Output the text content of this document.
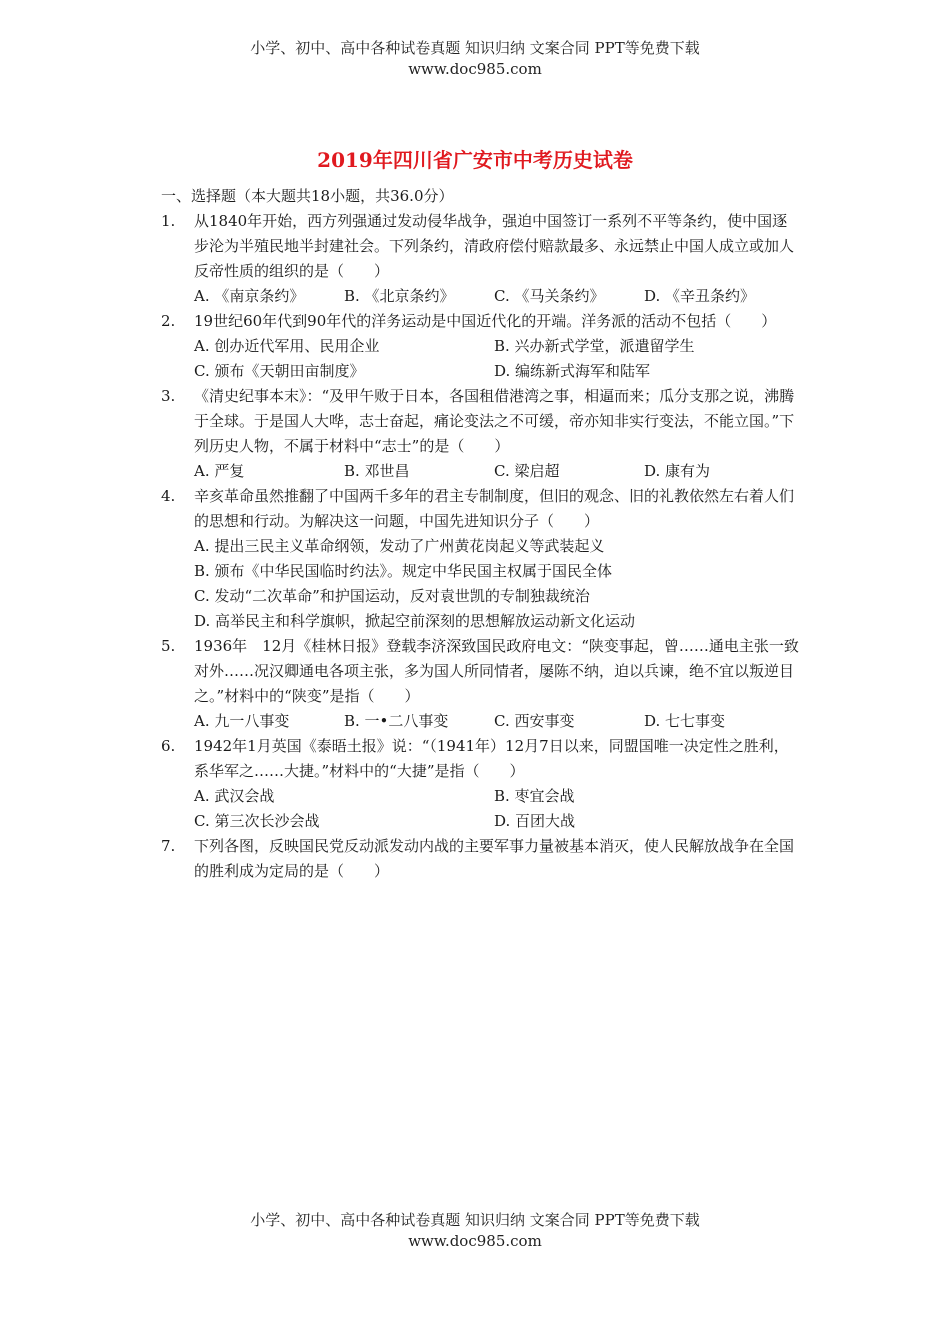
小学、初中、高中各种试卷真题 知识归纳 文案合同 PPT等免费下载
www.doc985.com
2019年四川省广安市中考历史试卷
一、选择题（本大题共18小题，共36.0分）
1. 从1840年开始，西方列强通过发动侵华战争，强迫中国签订一系列不平等条约，使中国逐步沦为半殖民地半封建社会。下列条约，清政府偿付赔款最多、永远禁止中国人成立或加人反帝性质的组织的是（　　）
A. 《南京条约》	B. 《北京条约》	C. 《马关条约》	D. 《辛丑条约》
2. 19世纪60年代到90年代的洋务运动是中国近代化的开端。洋务派的活动不包括（　　）
A. 创办近代军用、民用企业	B. 兴办新式学堂，派遣留学生
C. 颁布《天朝田亩制度》	D. 编练新式海军和陆军
3. 《清史纪事本末》：“及甲午败于日本，各国租借港湾之事，相逼而来；瓜分支那之说，沸腾于全球。于是国人大哗，志士奋起，痛论变法之不可缓，帝亦知非实行变法，不能立国。”下列历史人物，不属于材料中“志士”的是（　　）
A. 严复	B. 邓世昌	C. 梁启超	D. 康有为
4. 辛亥革命虽然推翻了中国两千多年的君主专制制度，但旧的观念、旧的礼教依然左右着人们的思想和行动。为解决这一问题，中国先进知识分子（　　）
A. 提出三民主义革命纲领，发动了广州黄花岗起义等武装起义
B. 颁布《中华民国临时约法》。规定中华民国主权属于国民全体
C. 发动“二次革命”和护国运动，反对袁世凯的专制独裁统治
D. 高举民主和科学旗帜，掀起空前深刻的思想解放运动新文化运动
5. 1936年　12月《桂林日报》登载李济深致国民政府电文：“陕变事起，曾……通电主张一致对外……况汉卿通电各项主张，多为国人所同情者，屡陈不纳，迫以兵谏，绝不宜以叛逆目之。”材料中的“陕变”是指（　　）
A. 九一八事变	B. 一•二八事变	C. 西安事变	D. 七七事变
6. 1942年1月英国《泰晤土报》说：“（1941年）12月7日以来，同盟国唯一决定性之胜利，系华军之……大捷。”材料中的“大捷”是指（　　）
A. 武汉会战	B. 枣宜会战
C. 第三次长沙会战	D. 百团大战
7. 下列各图，反映国民党反动派发动内战的主要军事力量被基本消灭，使人民解放战争在全国的胜利成为定局的是（　　）
小学、初中、高中各种试卷真题 知识归纳 文案合同 PPT等免费下载
www.doc985.com
